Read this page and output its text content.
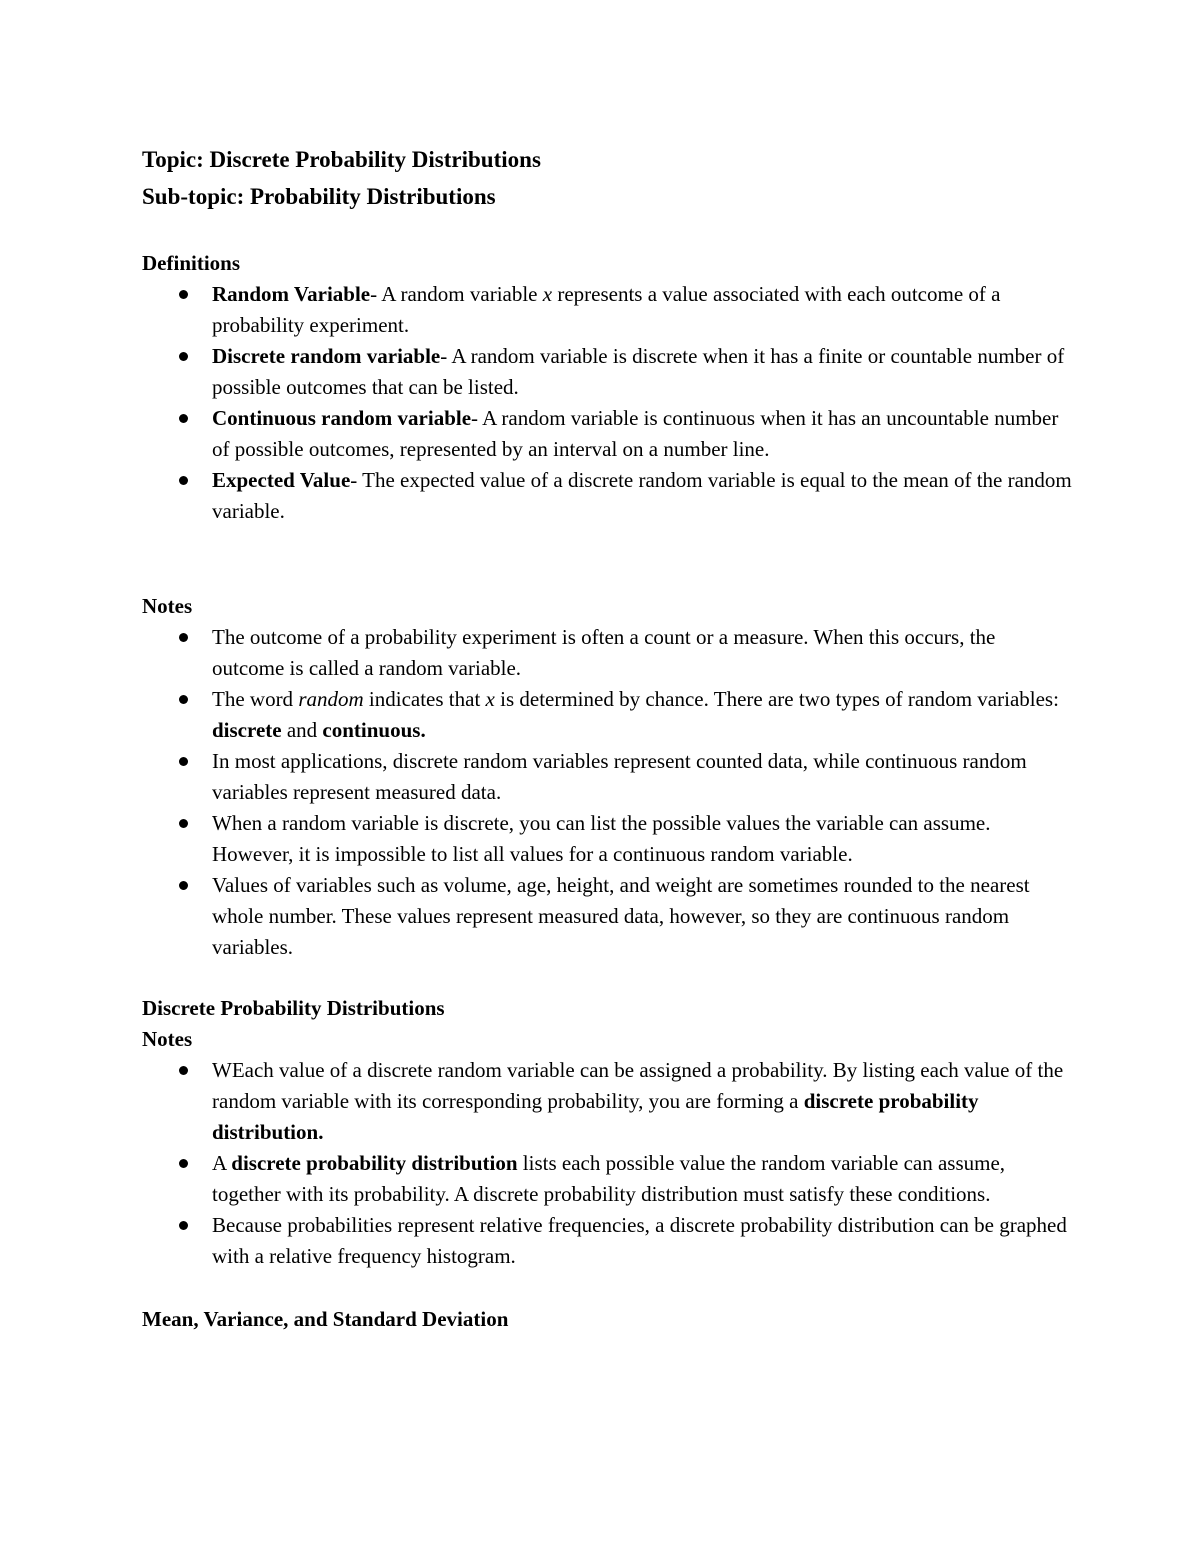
Topic: Discrete Probability Distributions
Sub-topic: Probability Distributions
Definitions
Random Variable- A random variable x represents a value associated with each outcome of a probability experiment.
Discrete random variable- A random variable is discrete when it has a finite or countable number of possible outcomes that can be listed.
Continuous random variable- A random variable is continuous when it has an uncountable number of possible outcomes, represented by an interval on a number line.
Expected Value- The expected value of a discrete random variable is equal to the mean of the random variable.
Notes
The outcome of a probability experiment is often a count or a measure. When this occurs, the outcome is called a random variable.
The word random indicates that x is determined by chance. There are two types of random variables: discrete and continuous.
In most applications, discrete random variables represent counted data, while continuous random variables represent measured data.
When a random variable is discrete, you can list the possible values the variable can assume. However, it is impossible to list all values for a continuous random variable.
Values of variables such as volume, age, height, and weight are sometimes rounded to the nearest whole number. These values represent measured data, however, so they are continuous random variables.
Discrete Probability Distributions
Notes
WEach value of a discrete random variable can be assigned a probability. By listing each value of the random variable with its corresponding probability, you are forming a discrete probability distribution.
A discrete probability distribution lists each possible value the random variable can assume, together with its probability. A discrete probability distribution must satisfy these conditions.
Because probabilities represent relative frequencies, a discrete probability distribution can be graphed with a relative frequency histogram.
Mean, Variance, and Standard Deviation
